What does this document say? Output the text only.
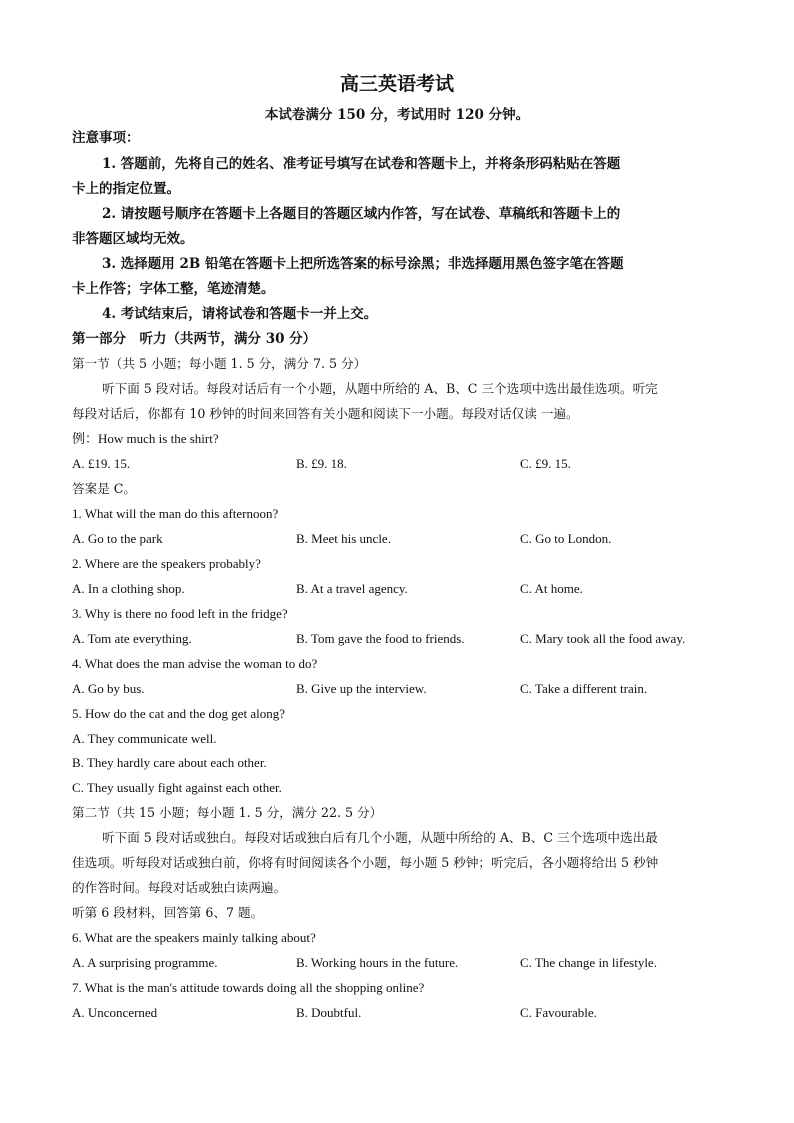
高三英语考试
本试卷满分 150 分，考试用时 120 分钟。
注意事项：
1. 答题前，先将自己的姓名、准考证号填写在试卷和答题卡上，并将条形码粘贴在答题
卡上的指定位置。
2. 请按题号顺序在答题卡上各题目的答题区域内作答，写在试卷、草稿纸和答题卡上的
非答题区域均无效。
3. 选择题用 2B 铅笔在答题卡上把所选答案的标号涂黑；非选择题用黑色签字笔在答题
卡上作答；字体工整，笔迹清楚。
4. 考试结束后，请将试卷和答题卡一并上交。
第一部分　听力（共两节，满分 30 分）
第一节（共 5 小题；每小题 1. 5 分，满分 7. 5 分）
听下面 5 段对话。每段对话后有一个小题，从题中所给的 A、B、C 三个选项中选出最佳选项。听完
每段对话后，你都有 10 秒钟的时间来回答有关小题和阅读下一小题。每段对话仅读 一遍。
例：How much is the shirt?
A. £19. 15.	B. £9. 18.	C. £9. 15.
答案是 C。
1. What will the man do this afternoon?
A. Go to the park	B. Meet his uncle.	C. Go to London.
2. Where are the speakers probably?
A. In a clothing shop.	B. At a travel agency.	C. At home.
3. Why is there no food left in the fridge?
A. Tom ate everything.	B. Tom gave the food to friends.	C. Mary took all the food away.
4. What does the man advise the woman to do?
A. Go by bus.	B. Give up the interview.	C. Take a different train.
5. How do the cat and the dog get along?
A. They communicate well.
B. They hardly care about each other.
C. They usually fight against each other.
第二节（共 15 小题；每小题 1. 5 分，满分 22. 5 分）
听下面 5 段对话或独白。每段对话或独白后有几个小题，从题中所给的 A、B、C 三个选项中选出最
佳选项。听每段对话或独白前，你将有时间阅读各个小题，每小题 5 秒钟；听完后，各小题将给出 5 秒钟
的作答时间。每段对话或独白读两遍。
听第 6 段材料，回答第 6、7 题。
6. What are the speakers mainly talking about?
A. A surprising programme.	B. Working hours in the future.	C. The change in lifestyle.
7. What is the man's attitude towards doing all the shopping online?
A. Unconcerned	B. Doubtful.	C. Favourable.
